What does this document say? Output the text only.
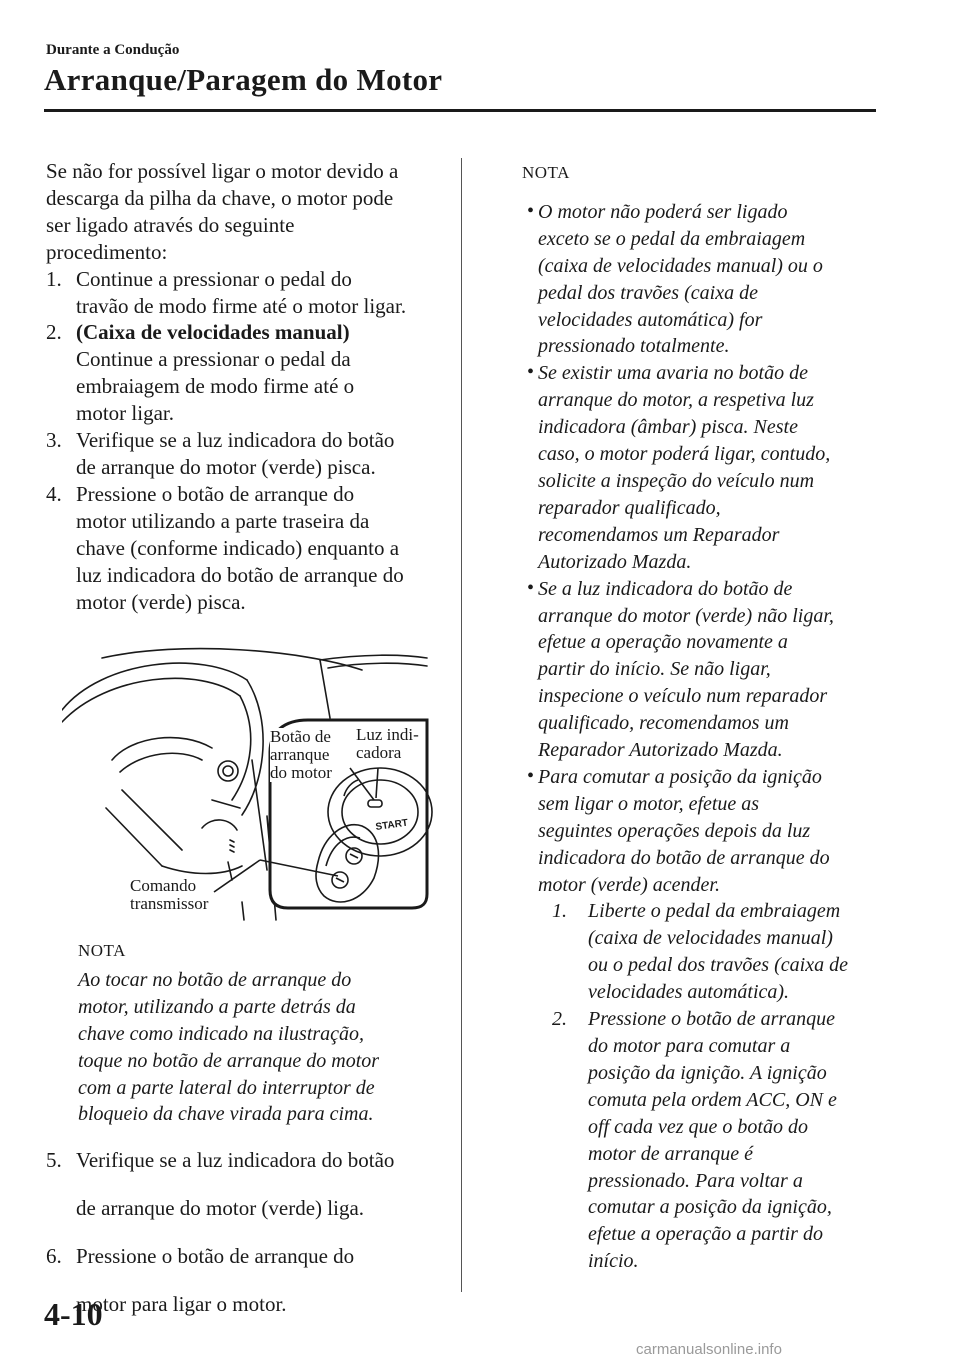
Durante a Condução
Arranque/Paragem do Motor

Se não for possível ligar o motor devido a

descarga da pilha da chave, o motor pode

ser ligado através do seguinte

procedimento:

1. Continue a pressionar o pedal do

travão de modo firme até o motor ligar.

2. (Caixa de velocidades manual)

Continue a pressionar o pedal da

embraiagem de modo firme até o

motor ligar.

3. Verifique se a luz indicadora do botão

de arranque do motor (verde) pisca.

4. Pressione o botão de arranque do

motor utilizando a parte traseira da

chave (conforme indicado) enquanto a

luz indicadora do botão de arranque do

motor (verde) pisca.

START
Botão de
arranque
do motor
Luz indi-
cadora
Comando
transmissor
NOTA

Ao tocar no botão de arranque do

motor, utilizando a parte detrás da

chave como indicado na ilustração,

toque no botão de arranque do motor

com a parte lateral do interruptor de

bloqueio da chave virada para cima.

5. Verifique se a luz indicadora do botão

de arranque do motor (verde) liga.

6. Pressione o botão de arranque do

motor para ligar o motor.

NOTA
• O motor não poderá ser ligado
exceto se o pedal da embraiagem
(caixa de velocidades manual) ou o
pedal dos travões (caixa de
velocidades automática) for
pressionado totalmente.
• Se existir uma avaria no botão de
arranque do motor, a respetiva luz
indicadora (âmbar) pisca. Neste
caso, o motor poderá ligar, contudo,
solicite a inspeção do veículo num
reparador qualificado,
recomendamos um Reparador
Autorizado Mazda.
• Se a luz indicadora do botão de
arranque do motor (verde) não ligar,
efetue a operação novamente a
partir do início. Se não ligar,
inspecione o veículo num reparador
qualificado, recomendamos um
Reparador Autorizado Mazda.
• Para comutar a posição da ignição
sem ligar o motor, efetue as
seguintes operações depois da luz
indicadora do botão de arranque do
motor (verde) acender.
1. Liberte o pedal da embraiagem
(caixa de velocidades manual)
ou o pedal dos travões (caixa de
velocidades automática).
2. Pressione o botão de arranque
do motor para comutar a
posição da ignição. A ignição
comuta pela ordem ACC, ON e
off cada vez que o botão do
motor de arranque é
pressionado. Para voltar a
comutar a posição da ignição,
efetue a operação a partir do
início.
4-10
carmanualsonline.info
